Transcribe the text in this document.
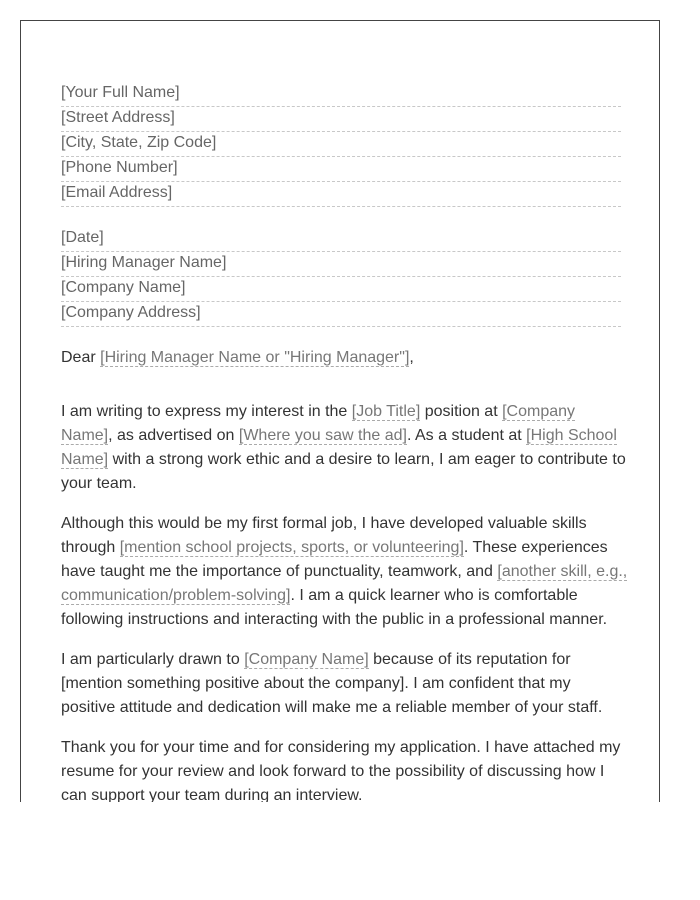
[Your Full Name]
[Street Address]
[City, State, Zip Code]
[Phone Number]
[Email Address]
[Date]
[Hiring Manager Name]
[Company Name]
[Company Address]
Dear [Hiring Manager Name or "Hiring Manager"],

I am writing to express my interest in the [Job Title] position at [Company Name], as advertised on [Where you saw the ad]. As a student at [High School Name] with a strong work ethic and a desire to learn, I am eager to contribute to your team.

Although this would be my first formal job, I have developed valuable skills through [mention school projects, sports, or volunteering]. These experiences have taught me the importance of punctuality, teamwork, and [another skill, e.g., communication/problem-solving]. I am a quick learner who is comfortable following instructions and interacting with the public in a professional manner.

I am particularly drawn to [Company Name] because of its reputation for [mention something positive about the company]. I am confident that my positive attitude and dedication will make me a reliable member of your staff.

Thank you for your time and for considering my application. I have attached my resume for your review and look forward to the possibility of discussing how I can support your team during an interview.
